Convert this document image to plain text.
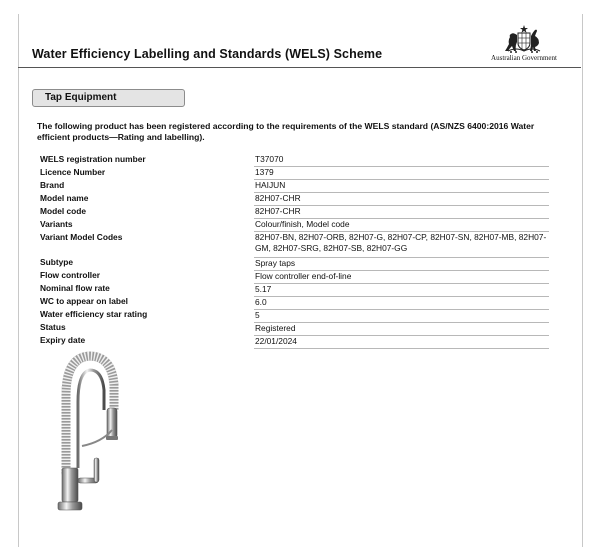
Water Efficiency Labelling and Standards (WELS) Scheme	Australian Government
Tap Equipment
The following product has been registered according to the requirements of the WELS standard (AS/NZS 6400:2016 Water efficient products—Rating and labelling).
WELS registration number	T37070
Licence Number	1379
Brand	HAIJUN
Model name	82H07-CHR
Model code	82H07-CHR
Variants	Colour/finish, Model code
Variant Model Codes	82H07-BN, 82H07-ORB, 82H07-G, 82H07-CP, 82H07-SN, 82H07-MB, 82H07-GM, 82H07-SRG, 82H07-SB, 82H07-GG
Subtype	Spray taps
Flow controller	Flow controller end-of-line
Nominal flow rate	5.17
WC to appear on label	6.0
Water efficiency star rating	5
Status	Registered
Expiry date	22/01/2024
